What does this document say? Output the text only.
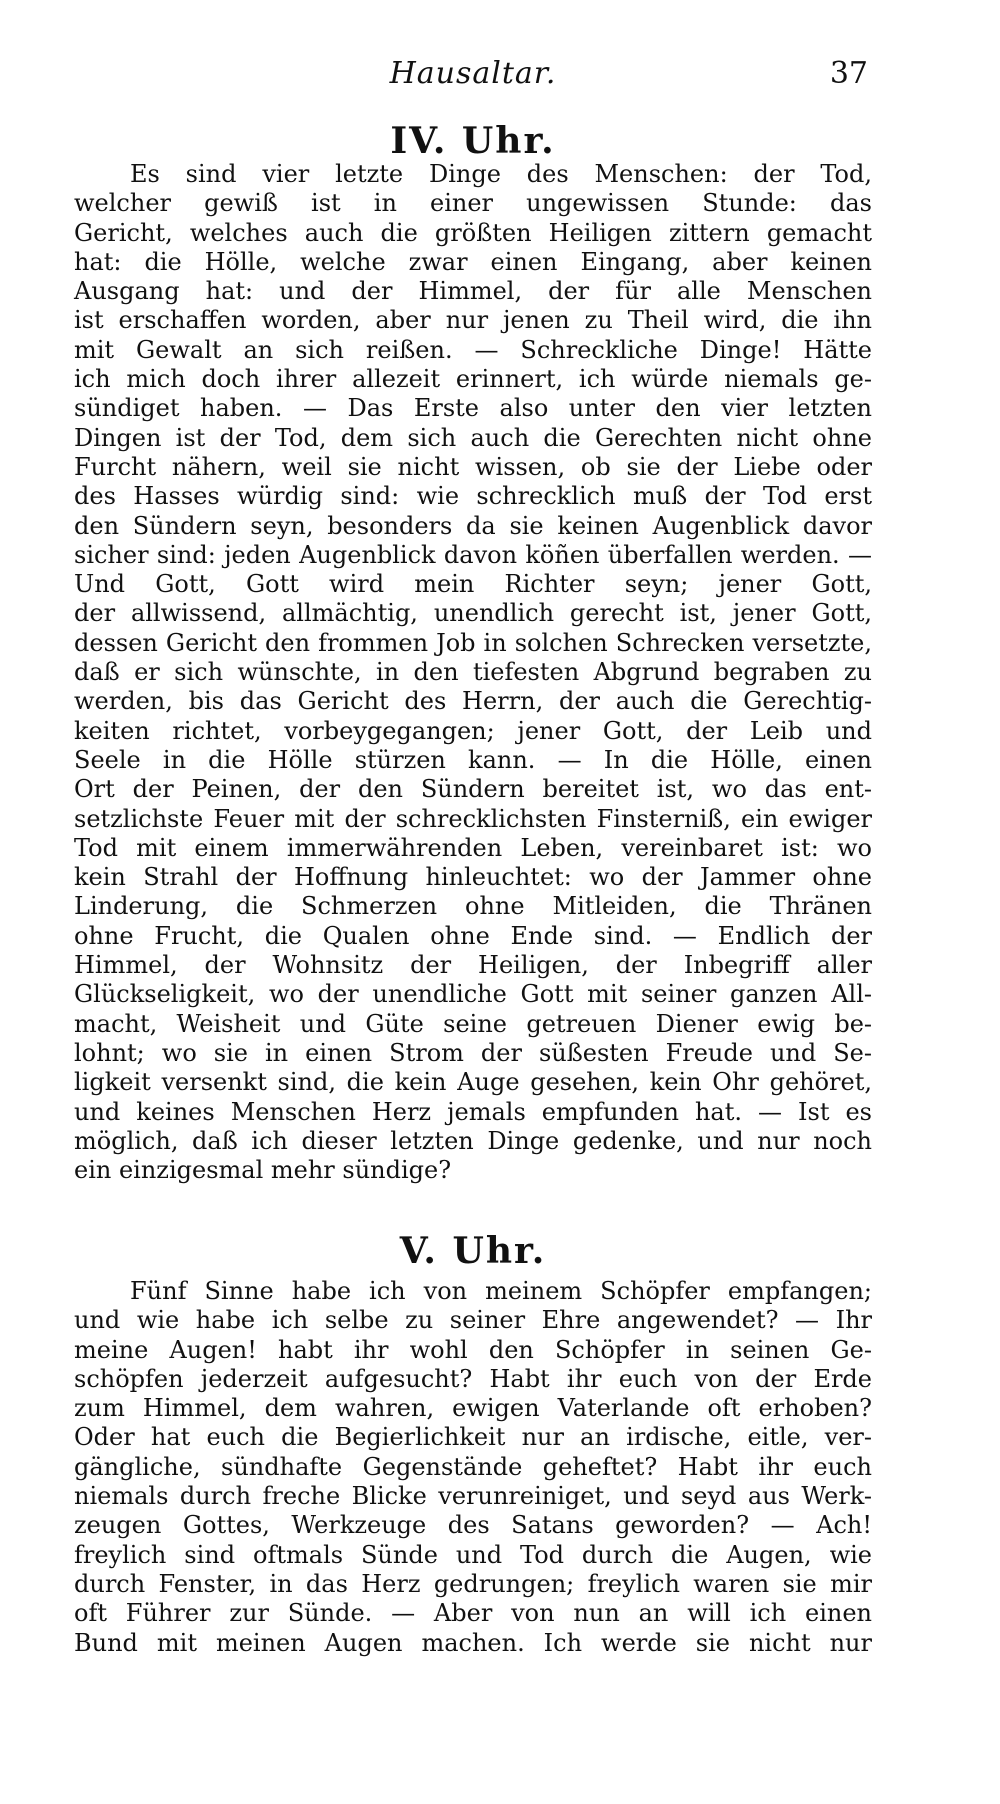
Hausaltar.	37
IV. Uhr.
Es sind vier letzte Dinge des Menschen: der Tod,
welcher gewiß ist in einer ungewissen Stunde: das
Gericht, welches auch die größten Heiligen zittern gemacht
hat: die Hölle, welche zwar einen Eingang, aber keinen
Ausgang hat: und der Himmel, der für alle Menschen
ist erschaffen worden, aber nur jenen zu Theil wird, die ihn
mit Gewalt an sich reißen. — Schreckliche Dinge! Hätte
ich mich doch ihrer allezeit erinnert, ich würde niemals ge-
sündiget haben. — Das Erste also unter den vier letzten
Dingen ist der Tod, dem sich auch die Gerechten nicht ohne
Furcht nähern, weil sie nicht wissen, ob sie der Liebe oder
des Hasses würdig sind: wie schrecklich muß der Tod erst
den Sündern seyn, besonders da sie keinen Augenblick davor
sicher sind: jeden Augenblick davon köñen überfallen werden. —
Und Gott, Gott wird mein Richter seyn; jener Gott,
der allwissend, allmächtig, unendlich gerecht ist, jener Gott,
dessen Gericht den frommen Job in solchen Schrecken versetzte,
daß er sich wünschte, in den tiefesten Abgrund begraben zu
werden, bis das Gericht des Herrn, der auch die Gerechtig-
keiten richtet, vorbeygegangen; jener Gott, der Leib und
Seele in die Hölle stürzen kann. — In die Hölle, einen
Ort der Peinen, der den Sündern bereitet ist, wo das ent-
setzlichste Feuer mit der schrecklichsten Finsterniß, ein ewiger
Tod mit einem immerwährenden Leben, vereinbaret ist: wo
kein Strahl der Hoffnung hinleuchtet: wo der Jammer ohne
Linderung, die Schmerzen ohne Mitleiden, die Thränen
ohne Frucht, die Qualen ohne Ende sind. — Endlich der
Himmel, der Wohnsitz der Heiligen, der Inbegriff aller
Glückseligkeit, wo der unendliche Gott mit seiner ganzen All-
macht, Weisheit und Güte seine getreuen Diener ewig be-
lohnt; wo sie in einen Strom der süßesten Freude und Se-
ligkeit versenkt sind, die kein Auge gesehen, kein Ohr gehöret,
und keines Menschen Herz jemals empfunden hat. — Ist es
möglich, daß ich dieser letzten Dinge gedenke, und nur noch
ein einzigesmal mehr sündige?
V. Uhr.
Fünf Sinne habe ich von meinem Schöpfer empfangen;
und wie habe ich selbe zu seiner Ehre angewendet? — Ihr
meine Augen! habt ihr wohl den Schöpfer in seinen Ge-
schöpfen jederzeit aufgesucht? Habt ihr euch von der Erde
zum Himmel, dem wahren, ewigen Vaterlande oft erhoben?
Oder hat euch die Begierlichkeit nur an irdische, eitle, ver-
gängliche, sündhafte Gegenstände geheftet? Habt ihr euch
niemals durch freche Blicke verunreiniget, und seyd aus Werk-
zeugen Gottes, Werkzeuge des Satans geworden? — Ach!
freylich sind oftmals Sünde und Tod durch die Augen, wie
durch Fenster, in das Herz gedrungen; freylich waren sie mir
oft Führer zur Sünde. — Aber von nun an will ich einen
Bund mit meinen Augen machen. Ich werde sie nicht nur
